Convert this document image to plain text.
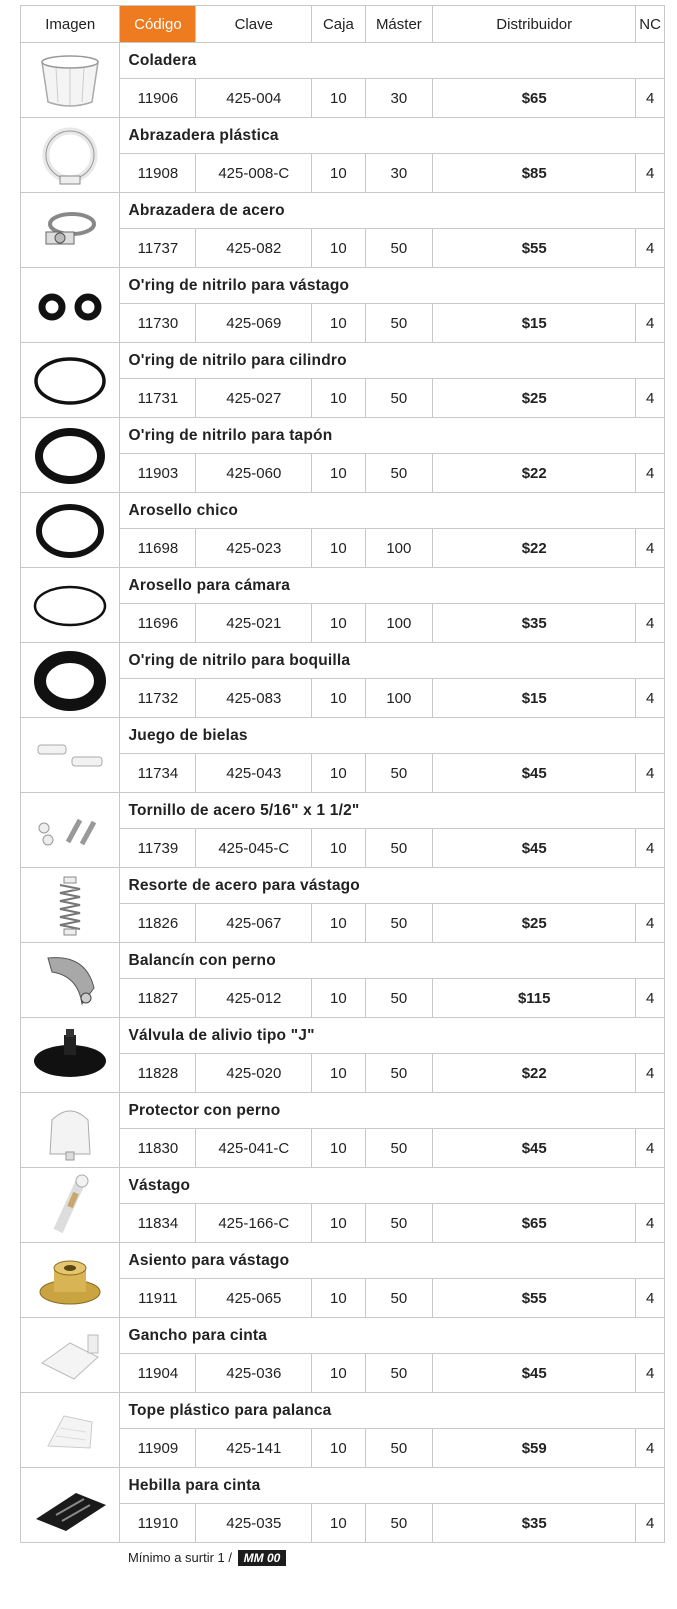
Imagen	Código	Clave	Caja	Máster	Distribuidor	NC

	Coladera					
	11906	425-004	10	30	$65	4

	Abrazadera plástica					
	11908	425-008-C	10	30	$85	4

	Abrazadera de acero					
	11737	425-082	10	50	$55	4

	O'ring de nitrilo para vástago					
	11730	425-069	10	50	$15	4

	O'ring de nitrilo para cilindro					
	11731	425-027	10	50	$25	4

	O'ring de nitrilo para tapón					
	11903	425-060	10	50	$22	4

	Arosello chico					
	11698	425-023	10	100	$22	4

	Arosello para cámara					
	11696	425-021	10	100	$35	4

	O'ring de nitrilo para boquilla					
	11732	425-083	10	100	$15	4

	Juego de bielas					
	11734	425-043	10	50	$45	4

	Tornillo de acero 5/16" x 1 1/2"					
	11739	425-045-C	10	50	$45	4

	Resorte de acero para vástago					
	11826	425-067	10	50	$25	4

	Balancín con perno					
	11827	425-012	10	50	$115	4

	Válvula de alivio tipo "J"					
	11828	425-020	10	50	$22	4

	Protector con perno					
	11830	425-041-C	10	50	$45	4

	Vástago					
	11834	425-166-C	10	50	$65	4

	Asiento para vástago					
	11911	425-065	10	50	$55	4

	Gancho para cinta					
	11904	425-036	10	50	$45	4

	Tope plástico para palanca					
	11909	425-141	10	50	$59	4

	Hebilla para cinta					
	11910	425-035	10	50	$35	4
	Mínimo a surtir 1 / MM 00					
